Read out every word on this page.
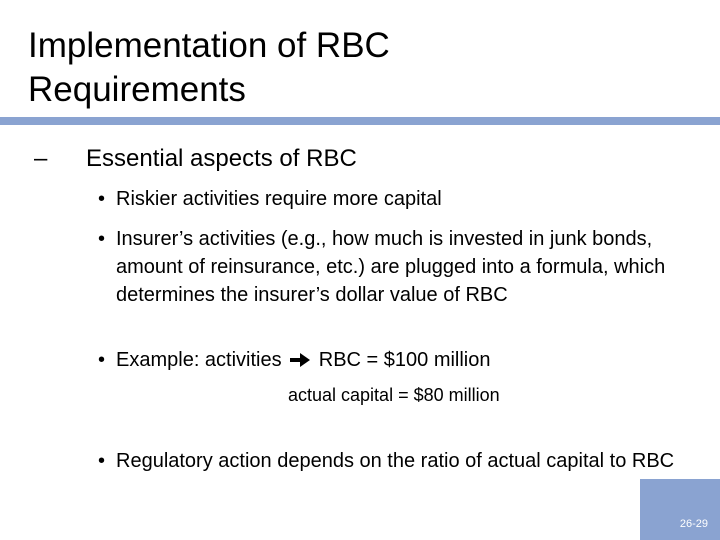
Implementation of RBC
Requirements
– Essential aspects of RBC
• Riskier activities require more capital
• Insurer’s activities (e.g., how much is invested in junk bonds, amount of reinsurance, etc.) are plugged into a formula, which determines the insurer’s dollar value of RBC
• Example: activities RBC = $100 million
actual capital = $80 million
• Regulatory action depends on the ratio of actual capital to RBC
26-29
